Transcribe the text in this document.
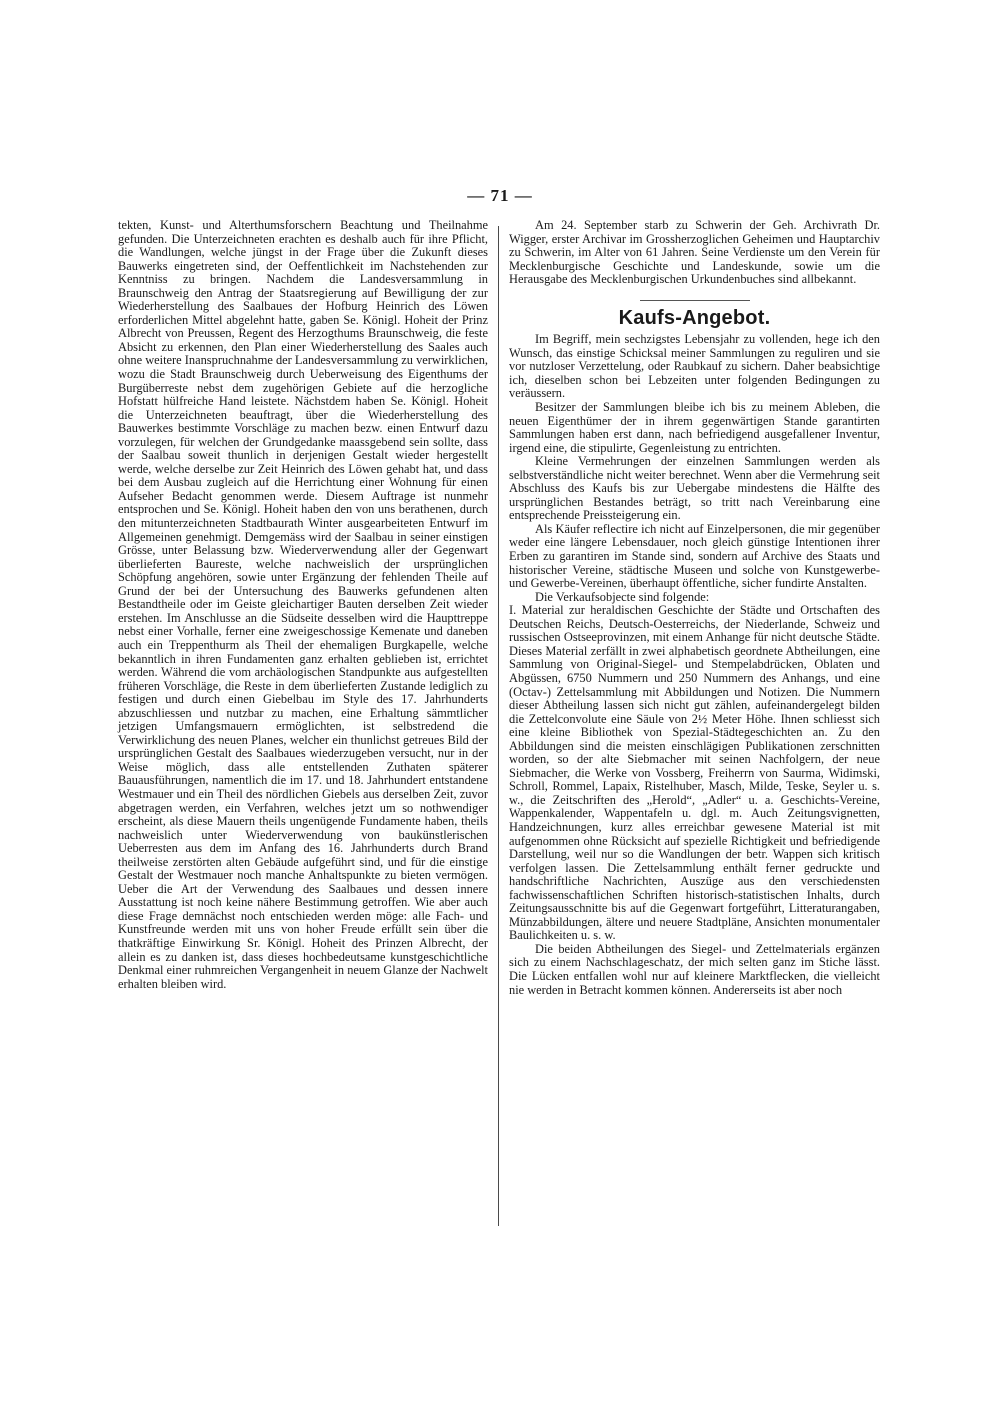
— 71 —

tekten, Kunst- und Alterthumsforschern Beachtung und Theilnahme gefunden. Die Unterzeichneten erachten es deshalb auch für ihre Pflicht, die Wandlungen, welche jüngst in der Frage über die Zukunft dieses Bauwerks eingetreten sind, der Oeffentlichkeit im Nachstehenden zur Kenntniss zu bringen. Nachdem die Landesversammlung in Braunschweig den Antrag der Staatsregierung auf Bewilligung der zur Wiederherstellung des Saalbaues der Hofburg Heinrich des Löwen erforderlichen Mittel abgelehnt hatte, gaben Se. Königl. Hoheit der Prinz Albrecht von Preussen, Regent des Herzogthums Braunschweig, die feste Absicht zu erkennen, den Plan einer Wiederherstellung des Saales auch ohne weitere Inanspruchnahme der Landesversammlung zu verwirklichen, wozu die Stadt Braunschweig durch Ueberweisung des Eigenthums der Burgüberreste nebst dem zugehörigen Gebiete auf die herzogliche Hofstatt hülfreiche Hand leistete. Nächstdem haben Se. Königl. Hoheit die Unterzeichneten beauftragt, über die Wiederherstellung des Bauwerkes bestimmte Vorschläge zu machen bezw. einen Entwurf dazu vorzulegen, für welchen der Grundgedanke maassgebend sein sollte, dass der Saalbau soweit thunlich in derjenigen Gestalt wieder hergestellt werde, welche derselbe zur Zeit Heinrich des Löwen gehabt hat, und dass bei dem Ausbau zugleich auf die Herrichtung einer Wohnung für einen Aufseher Bedacht genommen werde. Diesem Auftrage ist nunmehr entsprochen und Se. Königl. Hoheit haben den von uns berathenen, durch den mitunterzeichneten Stadtbaurath Winter ausgearbeiteten Entwurf im Allgemeinen genehmigt. Demgemäss wird der Saalbau in seiner einstigen Grösse, unter Belassung bzw. Wiederverwendung aller der Gegenwart überlieferten Baureste, welche nachweislich der ursprünglichen Schöpfung angehören, sowie unter Ergänzung der fehlenden Theile auf Grund der bei der Untersuchung des Bauwerks gefundenen alten Bestandtheile oder im Geiste gleichartiger Bauten derselben Zeit wieder erstehen. Im Anschlusse an die Südseite desselben wird die Haupttreppe nebst einer Vorhalle, ferner eine zweigeschossige Kemenate und daneben auch ein Treppenthurm als Theil der ehemaligen Burgkapelle, welche bekanntlich in ihren Fundamenten ganz erhalten geblieben ist, errichtet werden. Während die vom archäologischen Standpunkte aus aufgestellten früheren Vorschläge, die Reste in dem überlieferten Zustande lediglich zu festigen und durch einen Giebelbau im Style des 17. Jahrhunderts abzuschliessen und nutzbar zu machen, eine Erhaltung sämmtlicher jetzigen Umfangsmauern ermöglichten, ist selbstredend die Verwirklichung des neuen Planes, welcher ein thunlichst getreues Bild der ursprünglichen Gestalt des Saalbaues wiederzugeben versucht, nur in der Weise möglich, dass alle entstellenden Zuthaten späterer Bauausführungen, namentlich die im 17. und 18. Jahrhundert entstandene Westmauer und ein Theil des nördlichen Giebels aus derselben Zeit, zuvor abgetragen werden, ein Verfahren, welches jetzt um so nothwendiger erscheint, als diese Mauern theils ungenügende Fundamente haben, theils nachweislich unter Wiederverwendung von baukünstlerischen Ueberresten aus dem im Anfang des 16. Jahrhunderts durch Brand theilweise zerstörten alten Gebäude aufgeführt sind, und für die einstige Gestalt der Westmauer noch manche Anhaltspunkte zu bieten vermögen. Ueber die Art der Verwendung des Saalbaues und dessen innere Ausstattung ist noch keine nähere Bestimmung getroffen. Wie aber auch diese Frage demnächst noch entschieden werden möge: alle Fach- und Kunstfreunde werden mit uns von hoher Freude erfüllt sein über die thatkräftige Einwirkung Sr. Königl. Hoheit des Prinzen Albrecht, der allein es zu danken ist, dass dieses hochbedeutsame kunstgeschichtliche Denkmal einer ruhmreichen Vergangenheit in neuem Glanze der Nachwelt erhalten bleiben wird.

Am 24. September starb zu Schwerin der Geh. Archivrath Dr. Wigger, erster Archivar im Grossherzoglichen Geheimen und Hauptarchiv zu Schwerin, im Alter von 61 Jahren. Seine Verdienste um den Verein für Mecklenburgische Geschichte und Landeskunde, sowie um die Herausgabe des Mecklenburgischen Urkundenbuches sind allbekannt.

Kaufs-Angebot.

Im Begriff, mein sechzigstes Lebensjahr zu vollenden, hege ich den Wunsch, das einstige Schicksal meiner Sammlungen zu reguliren und sie vor nutzloser Verzettelung, oder Raubkauf zu sichern. Daher beabsichtige ich, dieselben schon bei Lebzeiten unter folgenden Bedingungen zu veräussern.

Besitzer der Sammlungen bleibe ich bis zu meinem Ableben, die neuen Eigenthümer der in ihrem gegenwärtigen Stande garantirten Sammlungen haben erst dann, nach befriedigend ausgefallener Inventur, irgend eine, die stipulirte, Gegenleistung zu entrichten.

Kleine Vermehrungen der einzelnen Sammlungen werden als selbstverständliche nicht weiter berechnet. Wenn aber die Vermehrung seit Abschluss des Kaufs bis zur Uebergabe mindestens die Hälfte des ursprünglichen Bestandes beträgt, so tritt nach Vereinbarung eine entsprechende Preissteigerung ein.

Als Käufer reflectire ich nicht auf Einzelpersonen, die mir gegenüber weder eine längere Lebensdauer, noch gleich günstige Intentionen ihrer Erben zu garantiren im Stande sind, sondern auf Archive des Staats und historischer Vereine, städtische Museen und solche von Kunstgewerbe- und Gewerbe-Vereinen, überhaupt öffentliche, sicher fundirte Anstalten.

Die Verkaufsobjecte sind folgende:

I. Material zur heraldischen Geschichte der Städte und Ortschaften des Deutschen Reichs, Deutsch-Oesterreichs, der Niederlande, Schweiz und russischen Ostseeprovinzen, mit einem Anhange für nicht deutsche Städte. Dieses Material zerfällt in zwei alphabetisch geordnete Abtheilungen, eine Sammlung von Original-Siegel- und Stempelabdrücken, Oblaten und Abgüssen, 6750 Nummern und 250 Nummern des Anhangs, und eine (Octav-) Zettelsammlung mit Abbildungen und Notizen. Die Nummern dieser Abtheilung lassen sich nicht gut zählen, aufeinandergelegt bilden die Zettelconvolute eine Säule von 2½ Meter Höhe. Ihnen schliesst sich eine kleine Bibliothek von Spezial-Städtegeschichten an. Zu den Abbildungen sind die meisten einschlägigen Publikationen zerschnitten worden, so der alte Siebmacher mit seinen Nachfolgern, der neue Siebmacher, die Werke von Vossberg, Freiherrn von Saurma, Widimski, Schroll, Rommel, Lapaix, Ristelhuber, Masch, Milde, Teske, Seyler u. s. w., die Zeitschriften des „Herold“, „Adler“ u. a. Geschichts-Vereine, Wappenkalender, Wappentafeln u. dgl. m. Auch Zeitungsvignetten, Handzeichnungen, kurz alles erreichbar gewesene Material ist mit aufgenommen ohne Rücksicht auf spezielle Richtigkeit und befriedigende Darstellung, weil nur so die Wandlungen der betr. Wappen sich kritisch verfolgen lassen. Die Zettelsammlung enthält ferner gedruckte und handschriftliche Nachrichten, Auszüge aus den verschiedensten fachwissenschaftlichen Schriften historisch-statistischen Inhalts, durch Zeitungsausschnitte bis auf die Gegenwart fortgeführt, Litteraturangaben, Münzabbildungen, ältere und neuere Stadtpläne, Ansichten monumentaler Baulichkeiten u. s. w.

Die beiden Abtheilungen des Siegel- und Zettelmaterials ergänzen sich zu einem Nachschlageschatz, der mich selten ganz im Stiche lässt. Die Lücken entfallen wohl nur auf kleinere Marktflecken, die vielleicht nie werden in Betracht kommen können. Andererseits ist aber noch
